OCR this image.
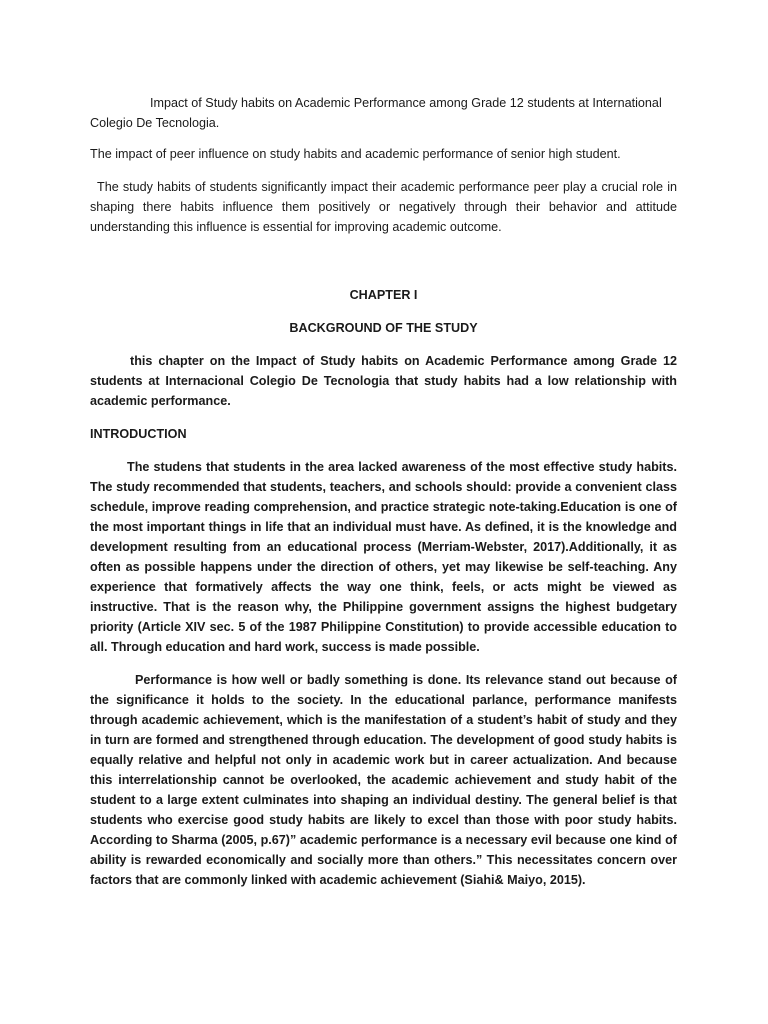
Impact of Study habits on Academic Performance among Grade 12 students at International Colegio De Tecnologia.

The impact of peer influence on study habits and academic performance of senior high student.

The study habits of students significantly impact their academic performance peer play a crucial role in shaping there habits influence them positively or negatively through their behavior and attitude understanding this influence is essential for improving academic outcome.

CHAPTER I

BACKGROUND OF THE STUDY

this chapter on the Impact of Study habits on Academic Performance among Grade 12 students at Internacional Colegio De Tecnologia that study habits had a low relationship with academic performance.

INTRODUCTION

The studens that students in the area lacked awareness of the most effective study habits. The study recommended that students, teachers, and schools should: provide a convenient class schedule, improve reading comprehension, and practice strategic note-taking.Education is one of the most important things in life that an individual must have. As defined, it is the knowledge and development resulting from an educational process (Merriam-Webster, 2017).Additionally, it as often as possible happens under the direction of others, yet may likewise be self-teaching. Any experience that formatively affects the way one think, feels, or acts might be viewed as instructive. That is the reason why, the Philippine government assigns the highest budgetary priority (Article XIV sec. 5 of the 1987 Philippine Constitution) to provide accessible education to all. Through education and hard work, success is made possible.

Performance is how well or badly something is done. Its relevance stand out because of the significance it holds to the society. In the educational parlance, performance manifests through academic achievement, which is the manifestation of a student’s habit of study and they in turn are formed and strengthened through education. The development of good study habits is equally relative and helpful not only in academic work but in career actualization. And because this interrelationship cannot be overlooked, the academic achievement and study habit of the student to a large extent culminates into shaping an individual destiny. The general belief is that students who exercise good study habits are likely to excel than those with poor study habits. According to Sharma (2005, p.67)” academic performance is a necessary evil because one kind of ability is rewarded economically and socially more than others.” This necessitates concern over factors that are commonly linked with academic achievement (Siahi& Maiyo, 2015).
